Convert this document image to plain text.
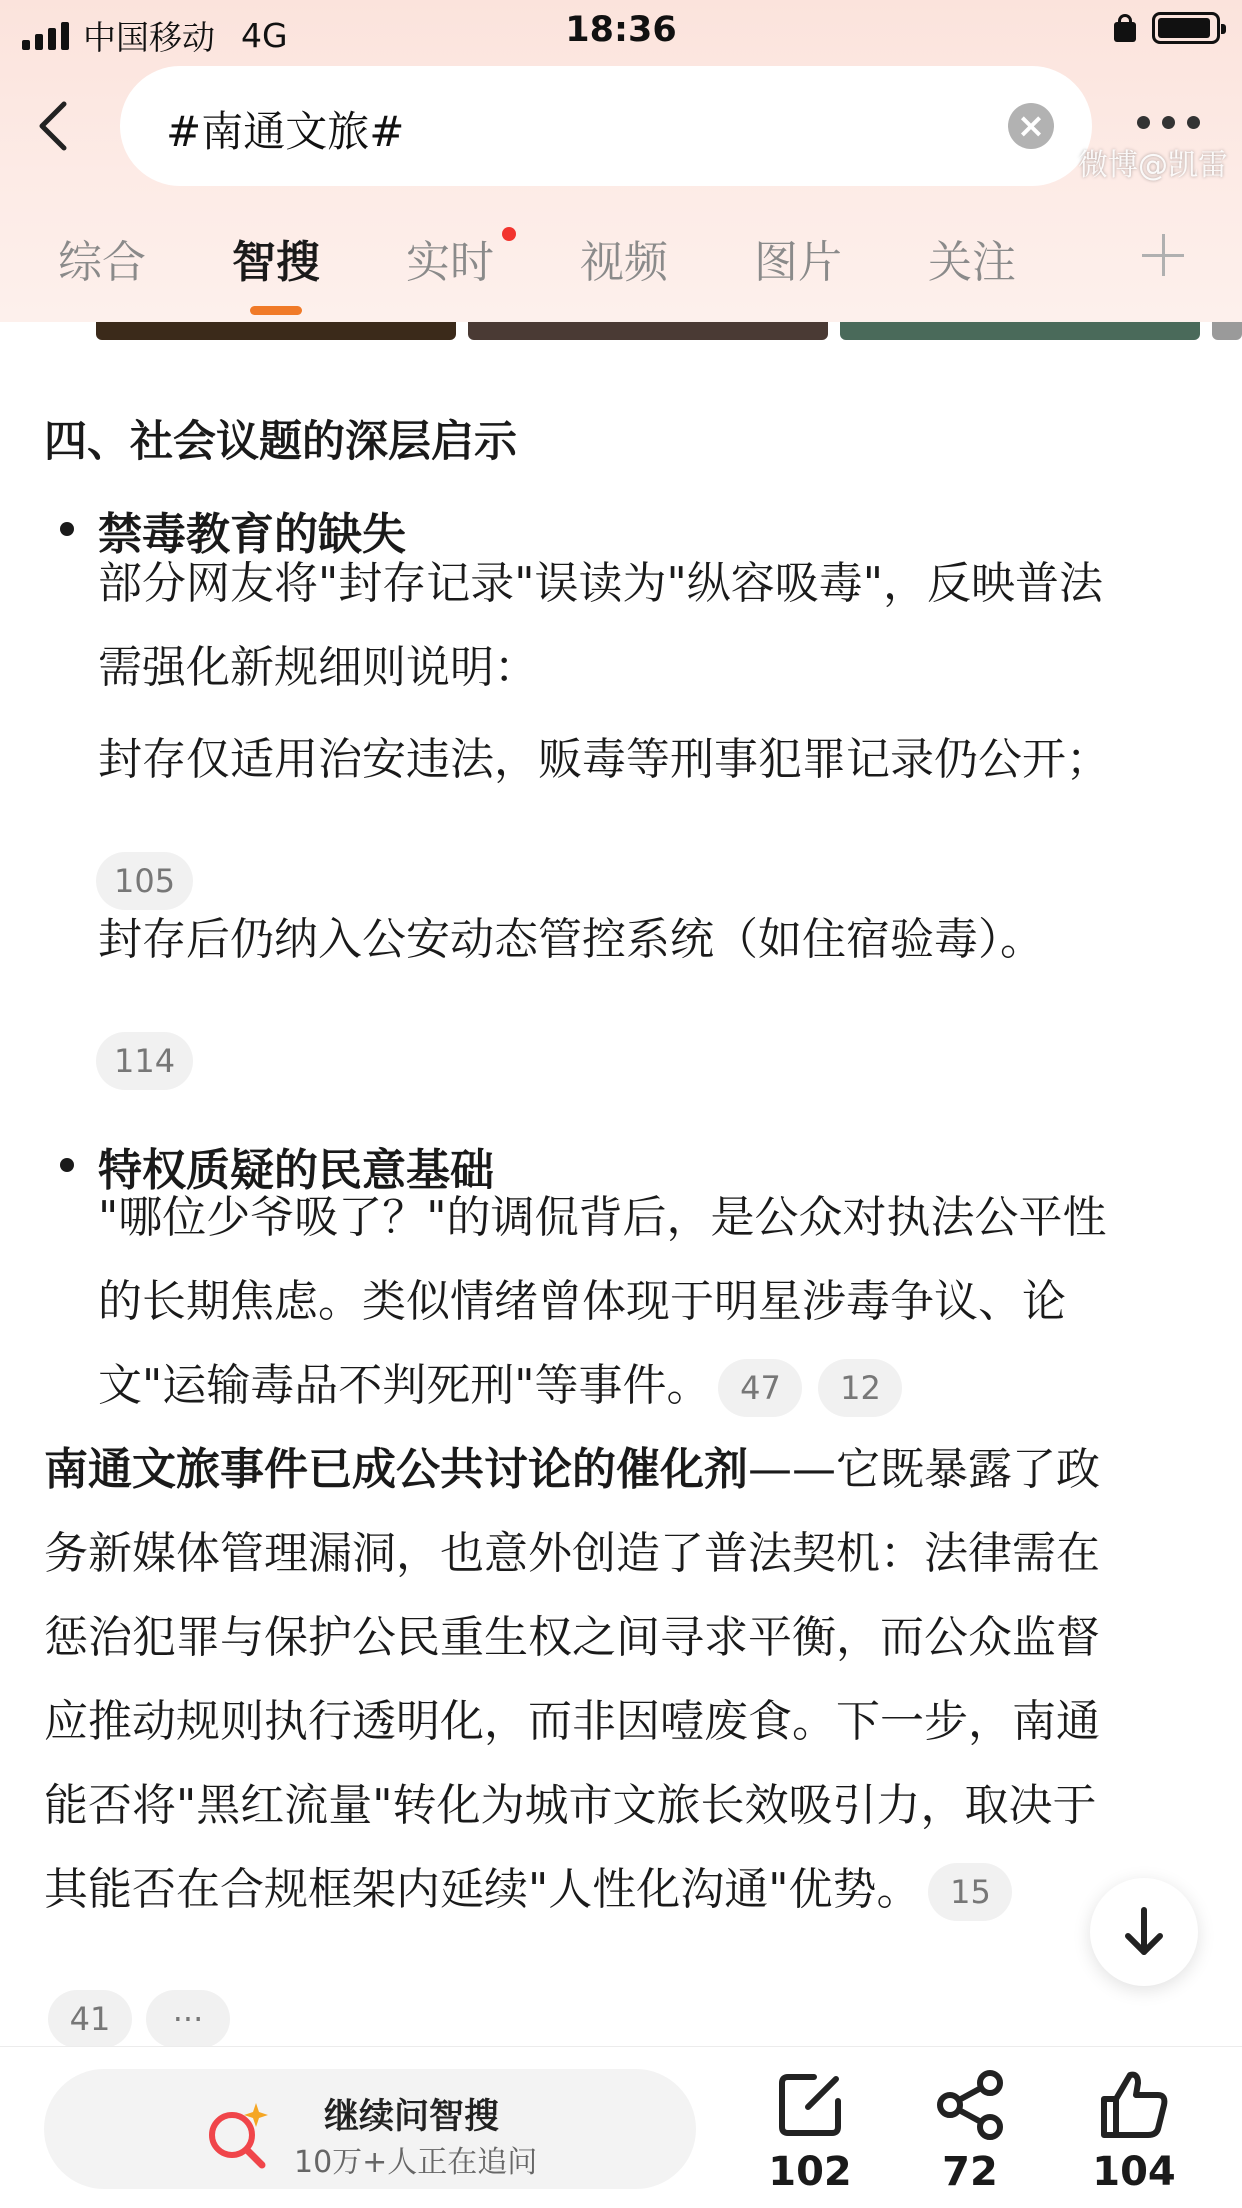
中国移动 4G	18:36
#南通文旅#	×
综合 智搜 实时 视频 图片 关注
四、社会议题的深层启示
禁毒教育的缺失
部分网友将"封存记录"误读为"纵容吸毒"，反映普法
需强化新规细则说明：
封存仅适用治安违法，贩毒等刑事犯罪记录仍公开；
105
封存后仍纳入公安动态管控系统（如住宿验毒）。
114
特权质疑的民意基础
"哪位少爷吸了？"的调侃背后，是公众对执法公平性
的长期焦虑。类似情绪曾体现于明星涉毒争议、论
文"运输毒品不判死刑"等事件。 47 12
南通文旅事件已成公共讨论的催化剂——它既暴露了政
务新媒体管理漏洞，也意外创造了普法契机：法律需在
惩治犯罪与保护公民重生权之间寻求平衡，而公众监督
应推动规则执行透明化，而非因噎废食。下一步，南通
能否将"黑红流量"转化为城市文旅长效吸引力，取决于
其能否在合规框架内延续"人性化沟通"优势。 15
41	···
继续问智搜
10万+人正在追问	102	72	104
微博@凯雷
